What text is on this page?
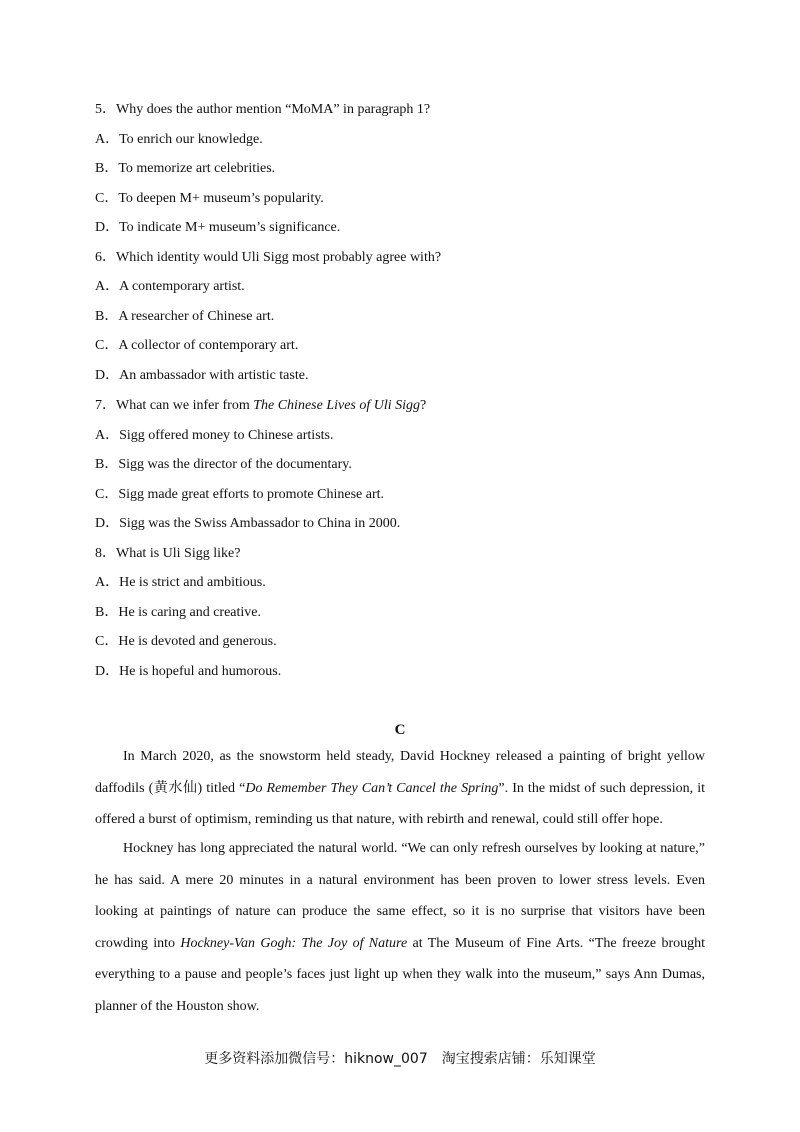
5．Why does the author mention “MoMA” in paragraph 1?
A．To enrich our knowledge.
B．To memorize art celebrities.
C．To deepen M+ museum’s popularity.
D．To indicate M+ museum’s significance.
6．Which identity would Uli Sigg most probably agree with?
A．A contemporary artist.
B．A researcher of Chinese art.
C．A collector of contemporary art.
D．An ambassador with artistic taste.
7．What can we infer from The Chinese Lives of Uli Sigg?
A．Sigg offered money to Chinese artists.
B．Sigg was the director of the documentary.
C．Sigg made great efforts to promote Chinese art.
D．Sigg was the Swiss Ambassador to China in 2000.
8．What is Uli Sigg like?
A．He is strict and ambitious.
B．He is caring and creative.
C．He is devoted and generous.
D．He is hopeful and humorous.
C
In March 2020, as the snowstorm held steady, David Hockney released a painting of bright yellow daffodils (黄水仙) titled “Do Remember They Can’t Cancel the Spring”. In the midst of such depression, it offered a burst of optimism, reminding us that nature, with rebirth and renewal, could still offer hope.
Hockney has long appreciated the natural world. “We can only refresh ourselves by looking at nature,” he has said. A mere 20 minutes in a natural environment has been proven to lower stress levels. Even looking at paintings of nature can produce the same effect, so it is no surprise that visitors have been crowding into Hockney-Van Gogh: The Joy of Nature at The Museum of Fine Arts. “The freeze brought everything to a pause and people’s faces just light up when they walk into the museum,” says Ann Dumas, planner of the Houston show.
更多资料添加微信号：hiknow_007　淘宝搜索店铺：乐知课堂
